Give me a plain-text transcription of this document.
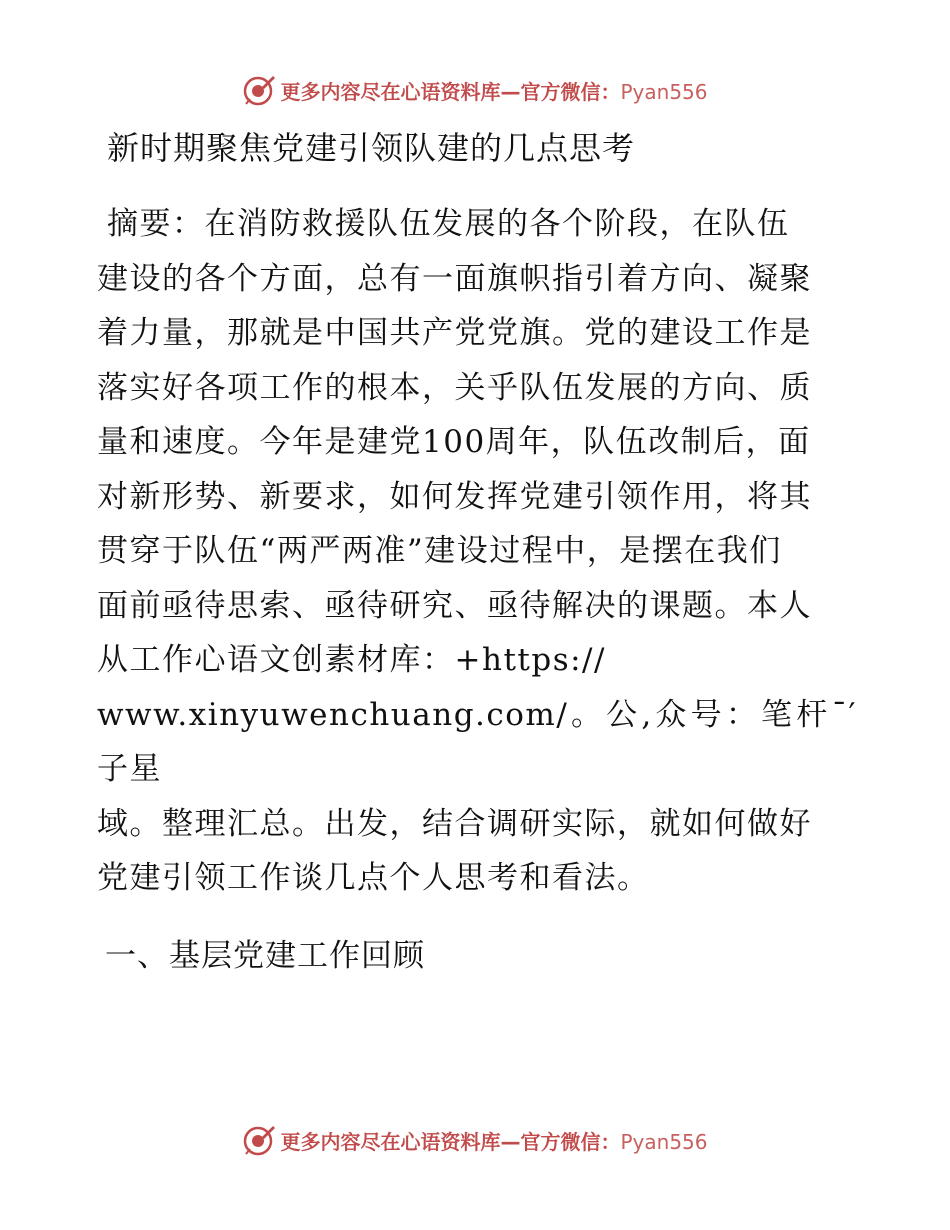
更多内容尽在心语资料库—官方微信：Pyan556
新时期聚焦党建引领队建的几点思考

摘要：在消防救援队伍发展的各个阶段，在队伍

建设的各个方面，总有一面旗帜指引着方向、凝聚

着力量，那就是中国共产党党旗。党的建设工作是

落实好各项工作的根本，关乎队伍发展的方向、质

量和速度。今年是建党100周年，队伍改制后，面

对新形势、新要求，如何发挥党建引领作用，将其

贯穿于队伍“两严两准”建设过程中，是摆在我们

面前亟待思索、亟待研究、亟待解决的课题。本人

从工作心语文创素材库：+https://

www.xinyuwenchuang.com/。公,众号：笔杆¯′子星

域。整理汇总。出发，结合调研实际，就如何做好

党建引领工作谈几点个人思考和看法。

一、基层党建工作回顾
更多内容尽在心语资料库—官方微信：Pyan556
